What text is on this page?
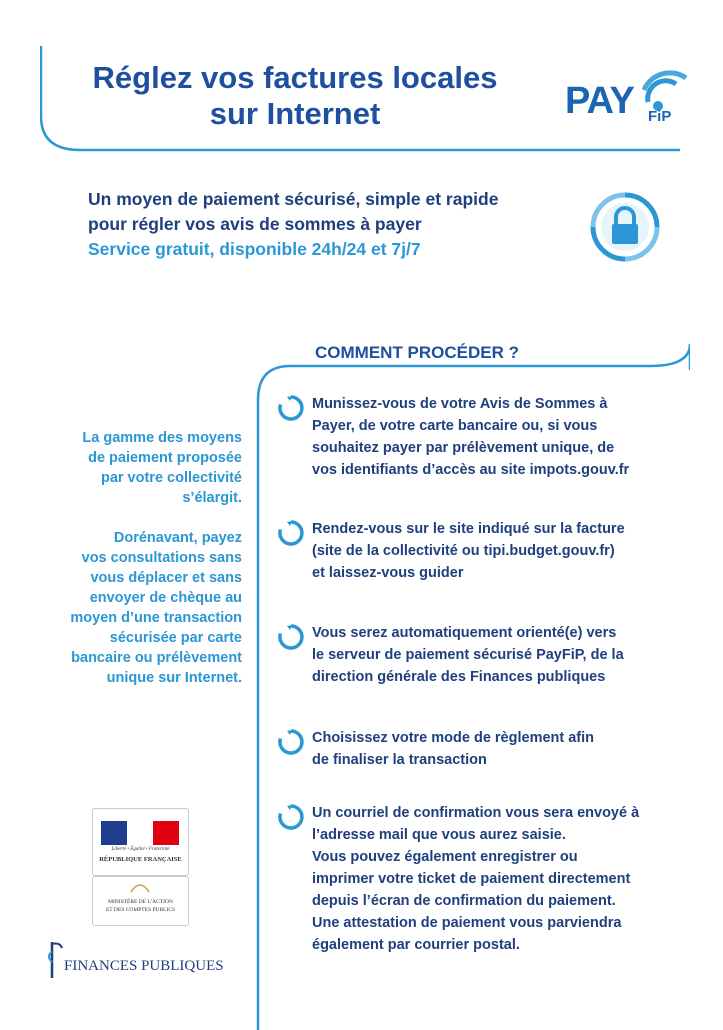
Réglez vos factures locales
sur Internet	PAY FiP
Un moyen de paiement sécurisé, simple et rapide
pour régler vos avis de sommes à payer
Service gratuit, disponible 24h/24 et 7j/7
COMMENT PROCÉDER ?

La gamme des moyens
de paiement proposée
par votre collectivité
s’élargit.

Dorénavant, payez
vos consultations sans
vous déplacer et sans
envoyer de chèque au
moyen d’une transaction
sécurisée par carte
bancaire ou prélèvement
unique sur Internet.

Munissez-vous de votre Avis de Sommes à
Payer, de votre carte bancaire ou, si vous
souhaitez payer par prélèvement unique, de
vos identifiants d’accès au site impots.gouv.fr
Rendez-vous sur le site indiqué sur la facture
(site de la collectivité ou tipi.budget.gouv.fr)
et laissez-vous guider
Vous serez automatiquement orienté(e) vers
le serveur de paiement sécurisé PayFiP, de la
direction générale des Finances publiques
Choisissez votre mode de règlement afin
de finaliser la transaction
Un courriel de confirmation vous sera envoyé à
l’adresse mail que vous aurez saisie.
Vous pouvez également enregistrer ou
imprimer votre ticket de paiement directement
depuis l’écran de confirmation du paiement.
Une attestation de paiement vous parviendra
également par courrier postal.
Liberté • Égalité • Fraternité
RÉPUBLIQUE FRANÇAISE
MINISTÈRE DE L’ACTION
ET DES COMPTES PUBLICS
FINANCES PUBLIQUES
